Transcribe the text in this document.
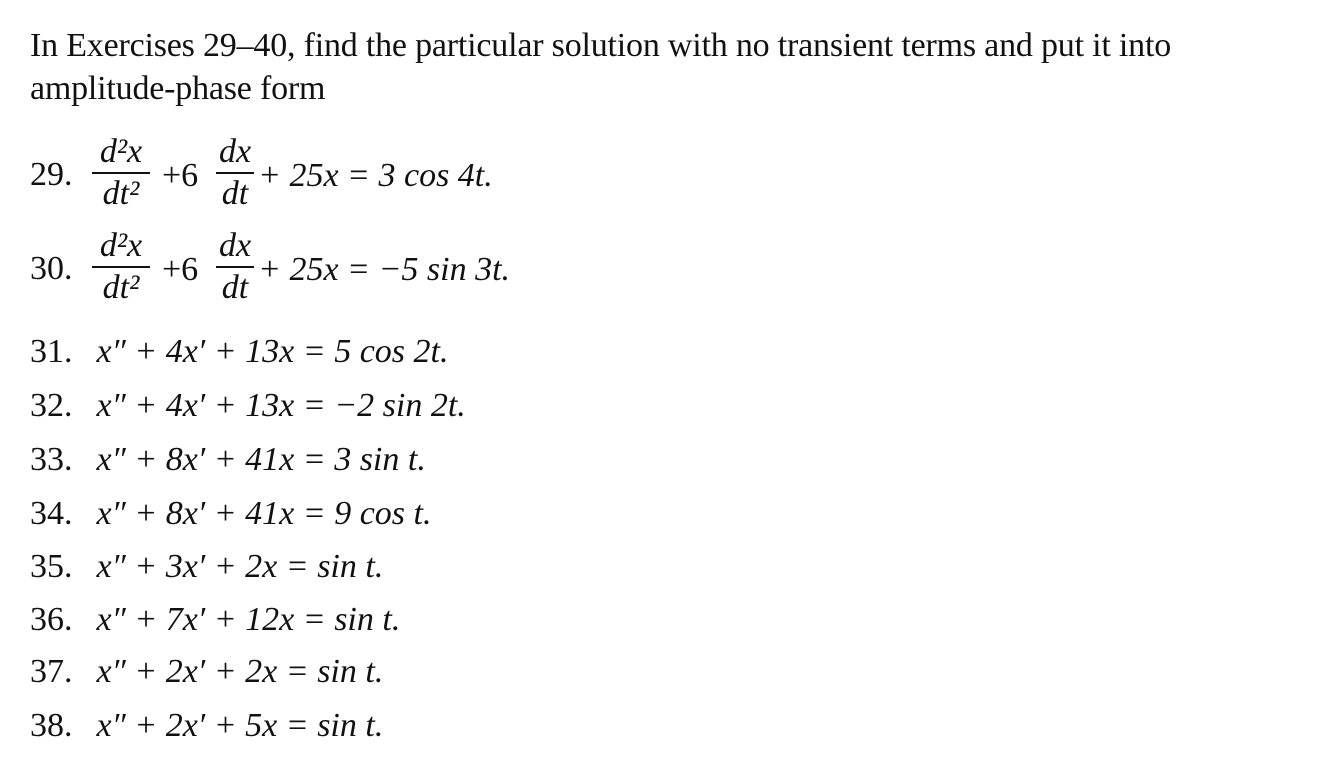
In Exercises 29–40, find the particular solution with no transient terms and put it into amplitude-phase form
29.
d²x
dt² +6
dx
dt + 25x = 3 cos 4t.
30.
d²x
dt² +6
dx
dt + 25x = −5 sin 3t.
31. x″ + 4x′ + 13x = 5 cos 2t.
32. x″ + 4x′ + 13x = −2 sin 2t.
33. x″ + 8x′ + 41x = 3 sin t.
34. x″ + 8x′ + 41x = 9 cos t.
35. x″ + 3x′ + 2x = sin t.
36. x″ + 7x′ + 12x = sin t.
37. x″ + 2x′ + 2x = sin t.
38. x″ + 2x′ + 5x = sin t.
